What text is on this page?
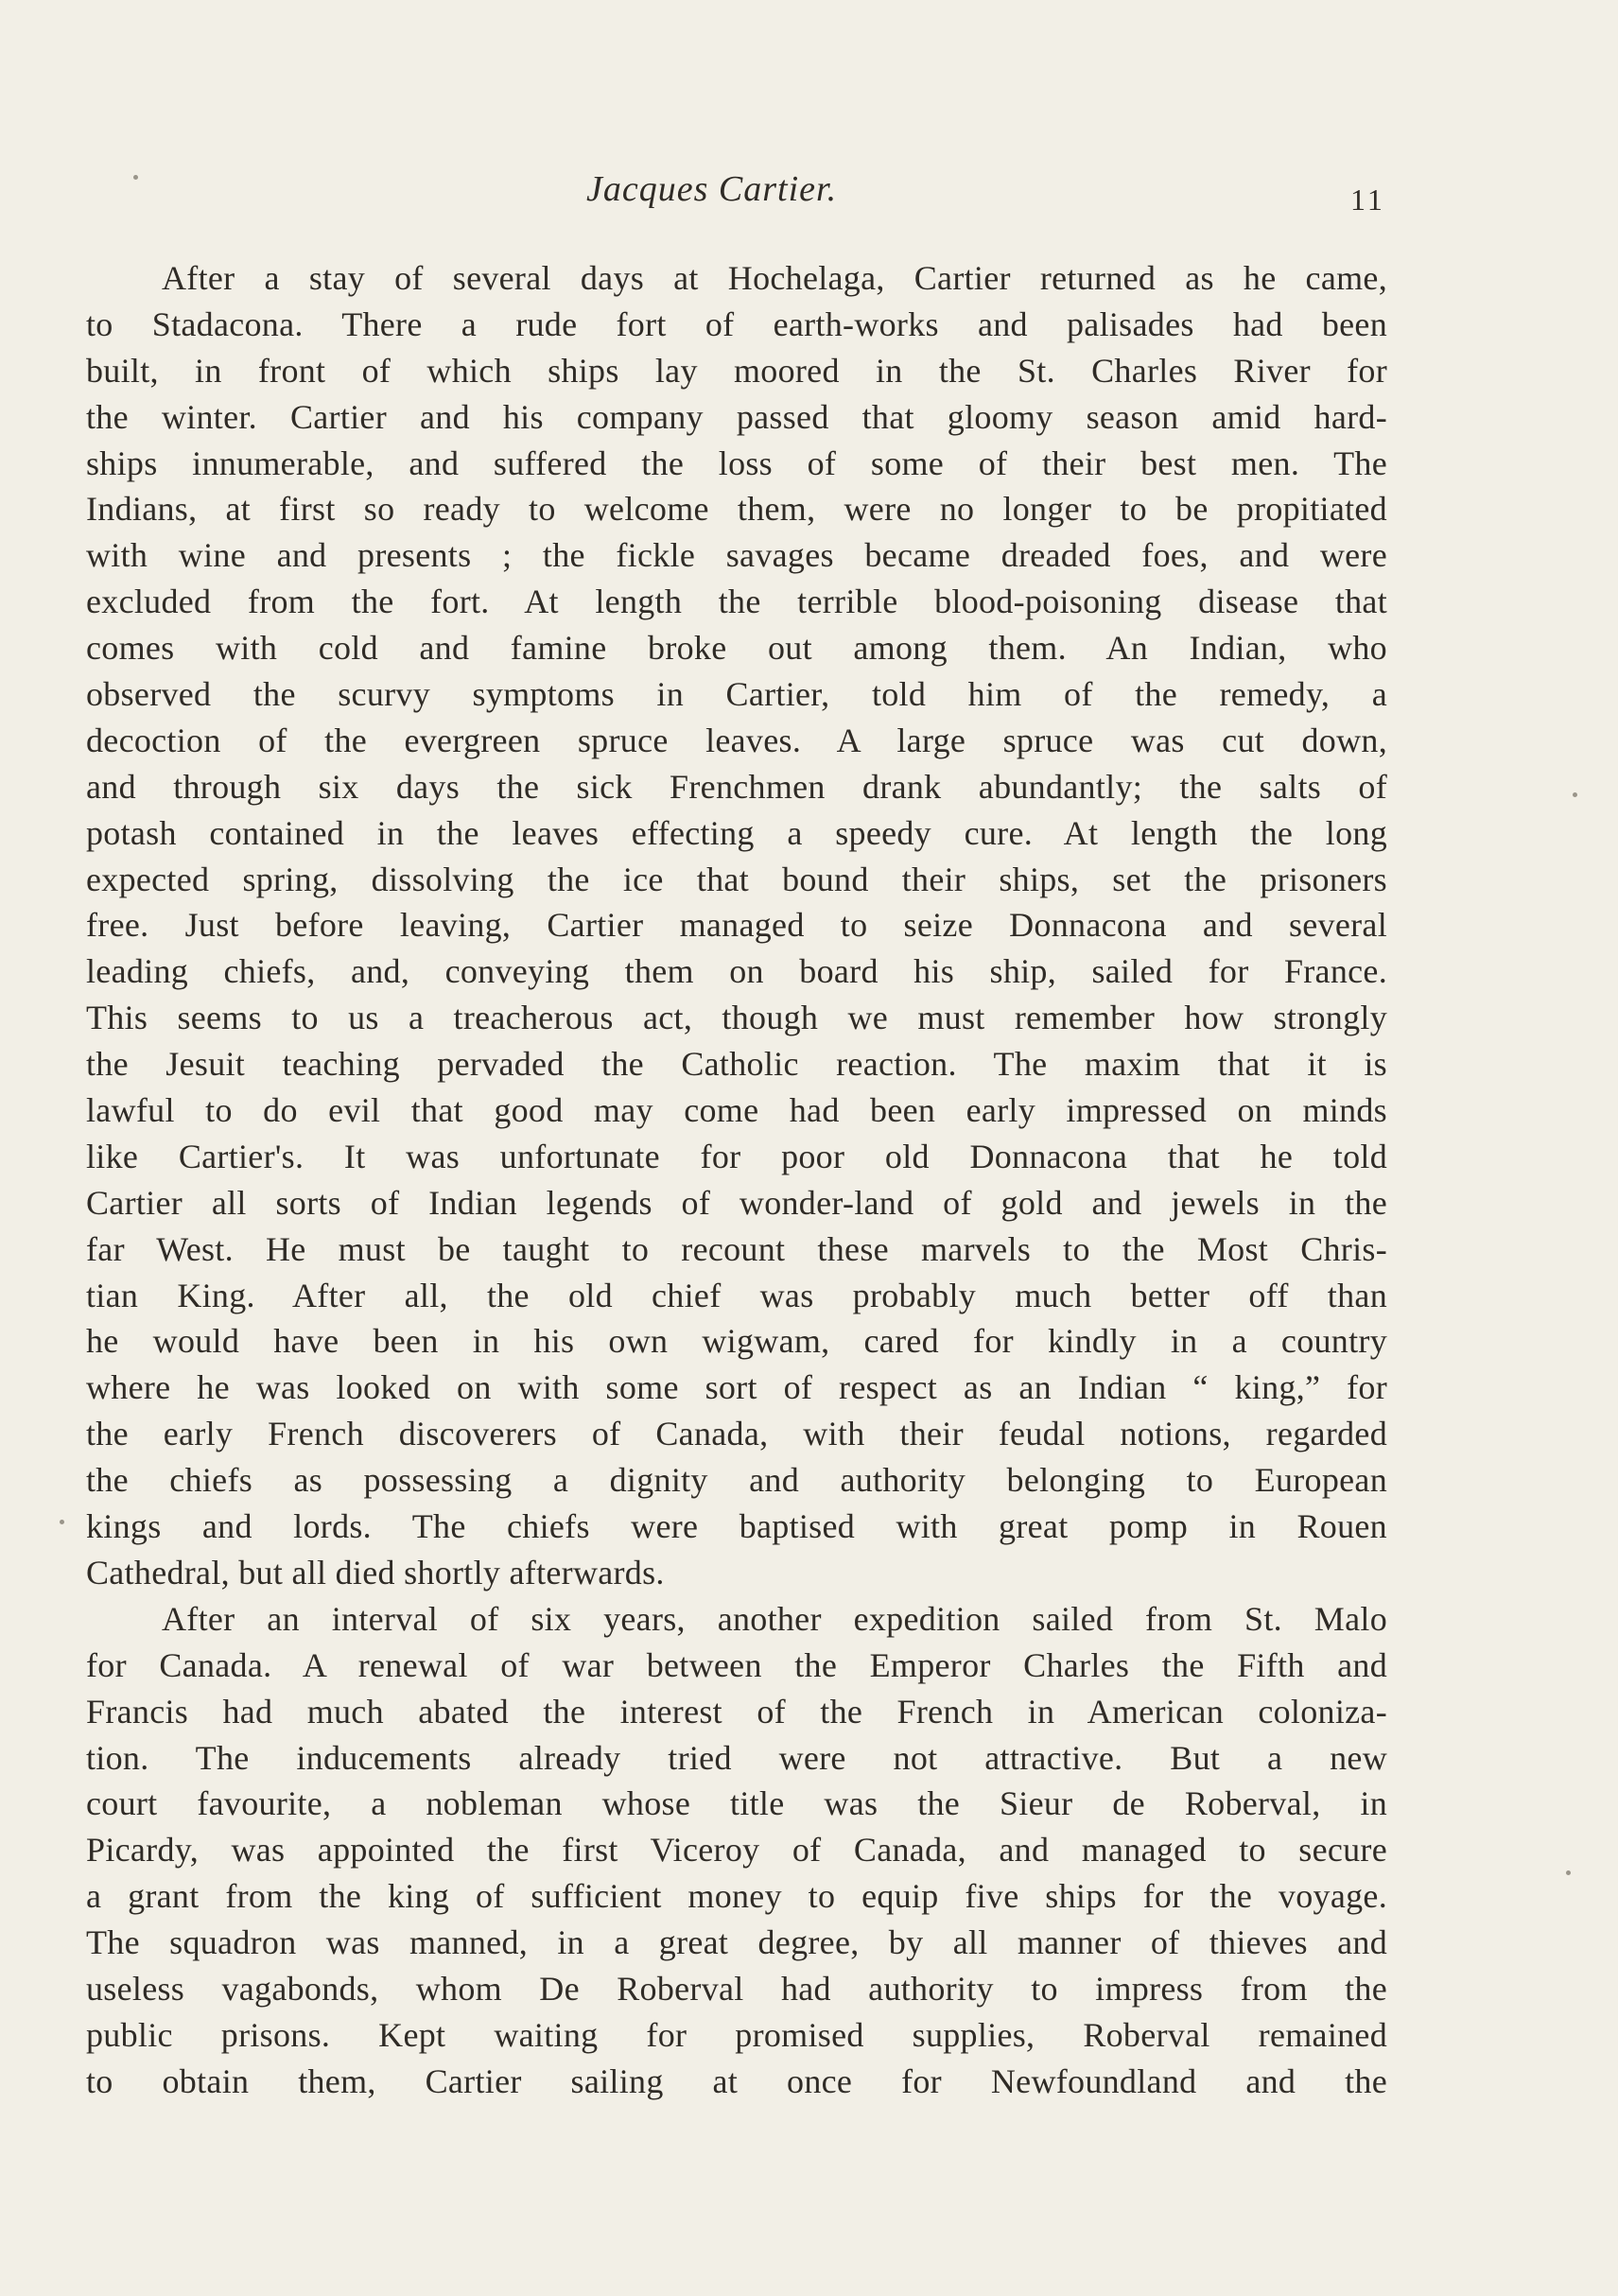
Jacques Cartier.	11
After a stay of several days at Hochelaga, Cartier returned as he came,
to Stadacona. There a rude fort of earth-works and palisades had been
built, in front of which ships lay moored in the St. Charles River for
the winter. Cartier and his company passed that gloomy season amid hard-
ships innumerable, and suffered the loss of some of their best men. The
Indians, at first so ready to welcome them, were no longer to be propitiated
with wine and presents ; the fickle savages became dreaded foes, and were
excluded from the fort. At length the terrible blood-poisoning disease that
comes with cold and famine broke out among them. An Indian, who
observed the scurvy symptoms in Cartier, told him of the remedy, a
decoction of the evergreen spruce leaves. A large spruce was cut down,
and through six days the sick Frenchmen drank abundantly; the salts of
potash contained in the leaves effecting a speedy cure. At length the long
expected spring, dissolving the ice that bound their ships, set the prisoners
free. Just before leaving, Cartier managed to seize Donnacona and several
leading chiefs, and, conveying them on board his ship, sailed for France.
This seems to us a treacherous act, though we must remember how strongly
the Jesuit teaching pervaded the Catholic reaction. The maxim that it is
lawful to do evil that good may come had been early impressed on minds
like Cartier's. It was unfortunate for poor old Donnacona that he told
Cartier all sorts of Indian legends of wonder-land of gold and jewels in the
far West. He must be taught to recount these marvels to the Most Chris-
tian King. After all, the old chief was probably much better off than
he would have been in his own wigwam, cared for kindly in a country
where he was looked on with some sort of respect as an Indian “ king,” for
the early French discoverers of Canada, with their feudal notions, regarded
the chiefs as possessing a dignity and authority belonging to European
kings and lords. The chiefs were baptised with great pomp in Rouen
Cathedral, but all died shortly afterwards.
After an interval of six years, another expedition sailed from St. Malo
for Canada. A renewal of war between the Emperor Charles the Fifth and
Francis had much abated the interest of the French in American coloniza-
tion. The inducements already tried were not attractive. But a new
court favourite, a nobleman whose title was the Sieur de Roberval, in
Picardy, was appointed the first Viceroy of Canada, and managed to secure
a grant from the king of sufficient money to equip five ships for the voyage.
The squadron was manned, in a great degree, by all manner of thieves and
useless vagabonds, whom De Roberval had authority to impress from the
public prisons. Kept waiting for promised supplies, Roberval remained
to obtain them, Cartier sailing at once for Newfoundland and the
